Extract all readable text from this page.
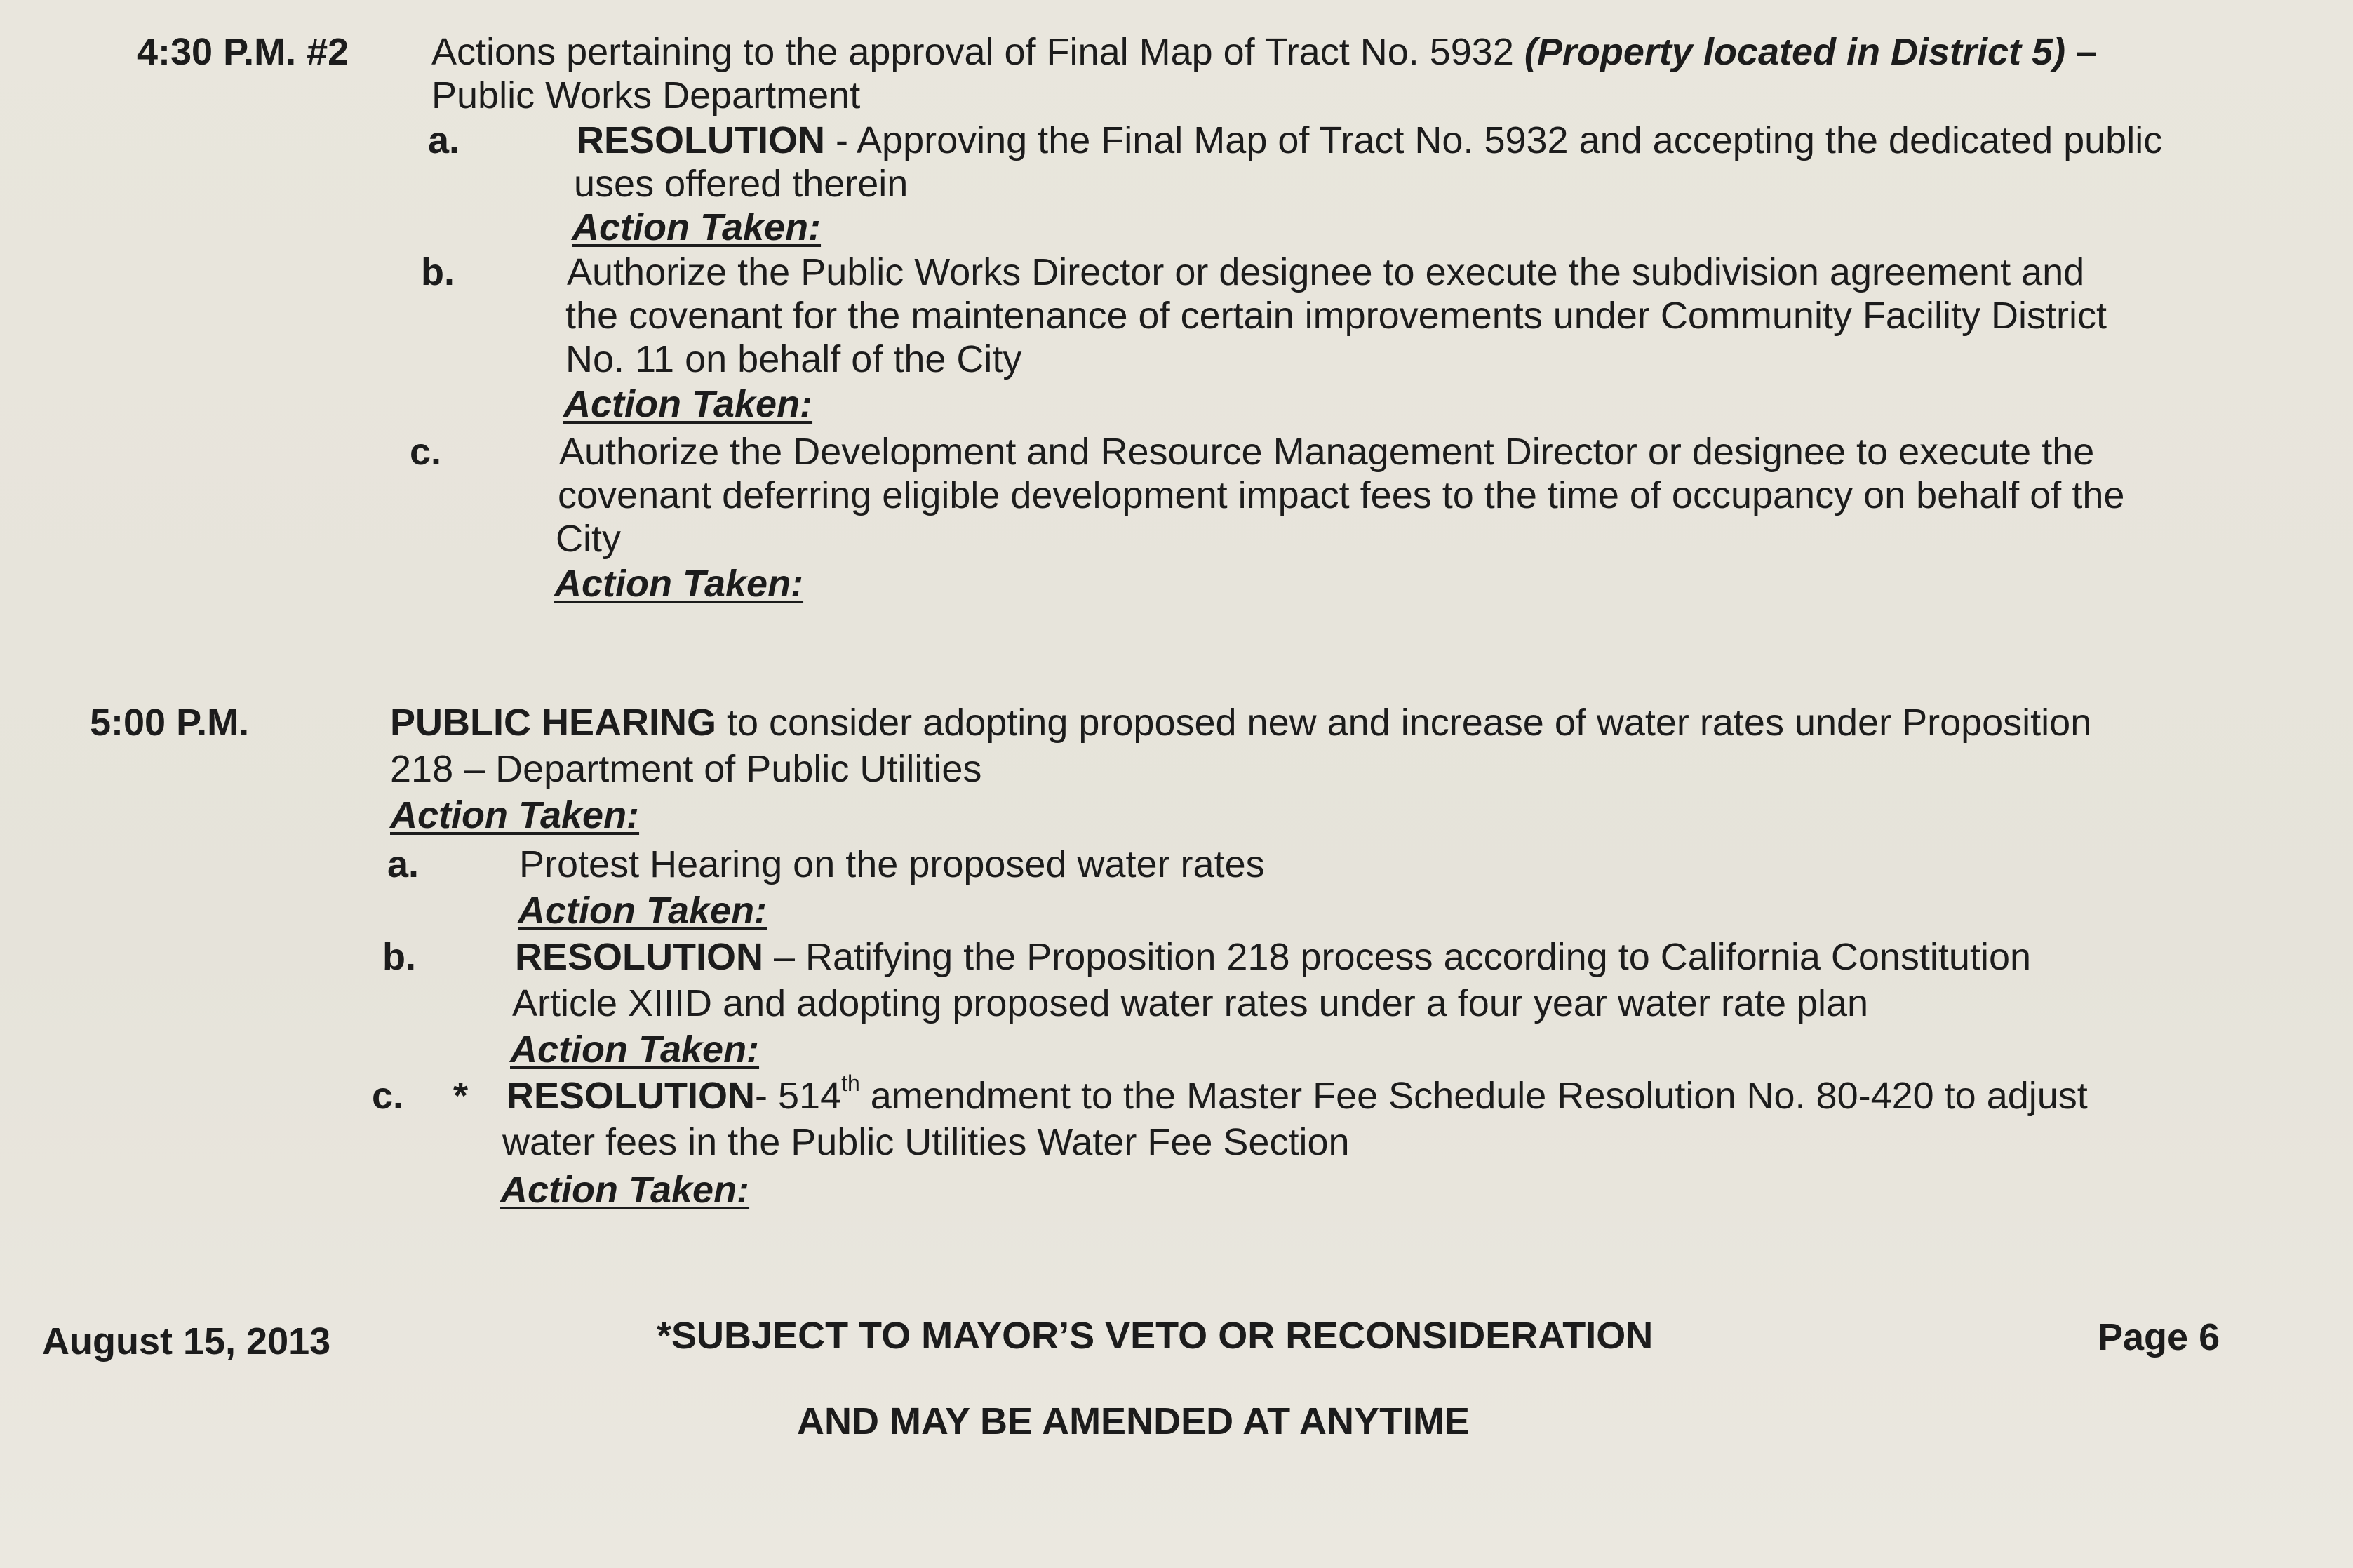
4:30 P.M. #2 Actions pertaining to the approval of Final Map of Tract No. 5932 (Property located in District 5) –
Public Works Department
a.	RESOLUTION - Approving the Final Map of Tract No. 5932 and accepting the dedicated public
uses offered therein
Action Taken:
b.	Authorize the Public Works Director or designee to execute the subdivision agreement and
the covenant for the maintenance of certain improvements under Community Facility District
No. 11 on behalf of the City
Action Taken:
c.	Authorize the Development and Resource Management Director or designee to execute the
covenant deferring eligible development impact fees to the time of occupancy on behalf of the
City
Action Taken:
5:00 P.M.	PUBLIC HEARING to consider adopting proposed new and increase of water rates under Proposition
218 – Department of Public Utilities
Action Taken:
a.	Protest Hearing on the proposed water rates
Action Taken:
b.	RESOLUTION – Ratifying the Proposition 218 process according to California Constitution
Article XIIID and adopting proposed water rates under a four year water rate plan
Action Taken:
c. * RESOLUTION- 514th amendment to the Master Fee Schedule Resolution No. 80-420 to adjust
water fees in the Public Utilities Water Fee Section
Action Taken:
August 15, 2013	*SUBJECT TO MAYOR’S VETO OR RECONSIDERATION
AND MAY BE AMENDED AT ANYTIME
Page 6
